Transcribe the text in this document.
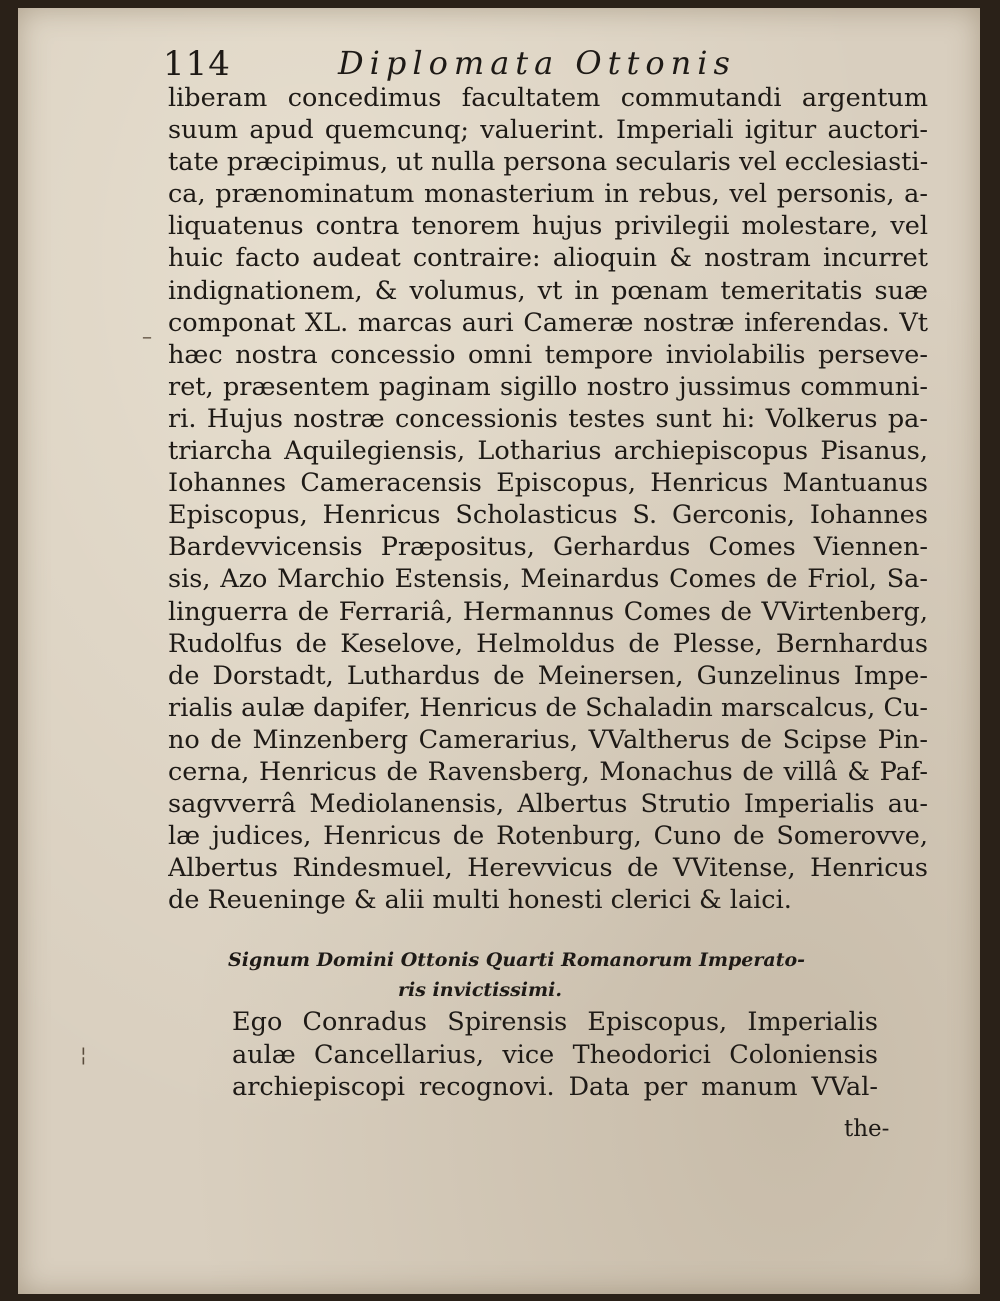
114	Diplomata Ottonis
liberam concedimus facultatem commutandi argentum
suum apud quemcunq; valuerint. Imperiali igitur auctori-
tate præcipimus, ut nulla persona secularis vel ecclesiasti-
ca, prænominatum monasterium in rebus, vel personis, a-
liquatenus contra tenorem hujus privilegii molestare, vel
huic facto audeat contraire: alioquin & nostram incurret
indignationem, & volumus, vt in pœnam temeritatis suæ
componat XL. marcas auri Cameræ nostræ inferendas. Vt
hæc nostra concessio omni tempore inviolabilis perseve-
ret, præsentem paginam sigillo nostro jussimus communi-
ri. Hujus nostræ concessionis testes sunt hi: Volkerus pa-
triarcha Aquilegiensis, Lotharius archiepiscopus Pisanus,
Iohannes Cameracensis Episcopus, Henricus Mantuanus
Episcopus, Henricus Scholasticus S. Gerconis, Iohannes
Bardevvicensis Præpositus, Gerhardus Comes Viennen-
sis, Azo Marchio Estensis, Meinardus Comes de Friol, Sa-
linguerra de Ferrariâ, Hermannus Comes de VVirtenberg,
Rudolfus de Keselove, Helmoldus de Plesse, Bernhardus
de Dorstadt, Luthardus de Meinersen, Gunzelinus Impe-
rialis aulæ dapifer, Henricus de Schaladin marscalcus, Cu-
no de Minzenberg Camerarius, VValtherus de Scipse Pin-
cerna, Henricus de Ravensberg, Monachus de villâ & Paf-
sagvverrâ Mediolanensis, Albertus Strutio Imperialis au-
læ judices, Henricus de Rotenburg, Cuno de Somerovve,
Albertus Rindesmuel, Herevvicus de VVitense, Henricus
de Reueninge & alii multi honesti clerici & laici.
Signum Domini Ottonis Quarti Romanorum Imperato-
ris invictissimi.
Ego Conradus Spirensis Episcopus, Imperialis
aulæ Cancellarius, vice Theodorici Coloniensis
archiepiscopi recognovi. Data per manum VVal-
the-
–
¦
